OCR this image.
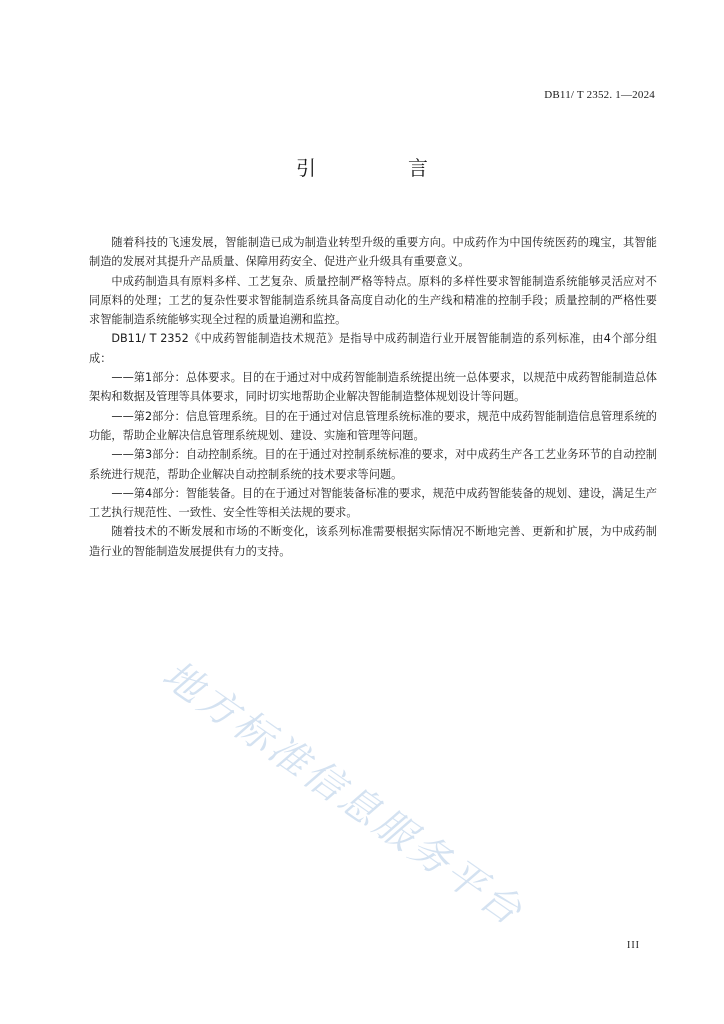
DB11/ T 2352. 1—2024
引　言

随着科技的飞速发展，智能制造已成为制造业转型升级的重要方向。中成药作为中国传统医药的瑰宝，其智能制造的发展对其提升产品质量、保障用药安全、促进产业升级具有重要意义。

中成药制造具有原料多样、工艺复杂、质量控制严格等特点。原料的多样性要求智能制造系统能够灵活应对不同原料的处理；工艺的复杂性要求智能制造系统具备高度自动化的生产线和精准的控制手段；质量控制的严格性要求智能制造系统能够实现全过程的质量追溯和监控。

DB11/ T 2352《中成药智能制造技术规范》是指导中成药制造行业开展智能制造的系列标准，由4个部分组成：

——第1部分：总体要求。目的在于通过对中成药智能制造系统提出统一总体要求，以规范中成药智能制造总体架构和数据及管理等具体要求，同时切实地帮助企业解决智能制造整体规划设计等问题。

——第2部分：信息管理系统。目的在于通过对信息管理系统标准的要求，规范中成药智能制造信息管理系统的功能，帮助企业解决信息管理系统规划、建设、实施和管理等问题。

——第3部分：自动控制系统。目的在于通过对控制系统标准的要求，对中成药生产各工艺业务环节的自动控制系统进行规范，帮助企业解决自动控制系统的技术要求等问题。

——第4部分：智能装备。目的在于通过对智能装备标准的要求，规范中成药智能装备的规划、建设，满足生产工艺执行规范性、一致性、安全性等相关法规的要求。

随着技术的不断发展和市场的不断变化，该系列标准需要根据实际情况不断地完善、更新和扩展，为中成药制造行业的智能制造发展提供有力的支持。

地方标准信息服务平台
III
